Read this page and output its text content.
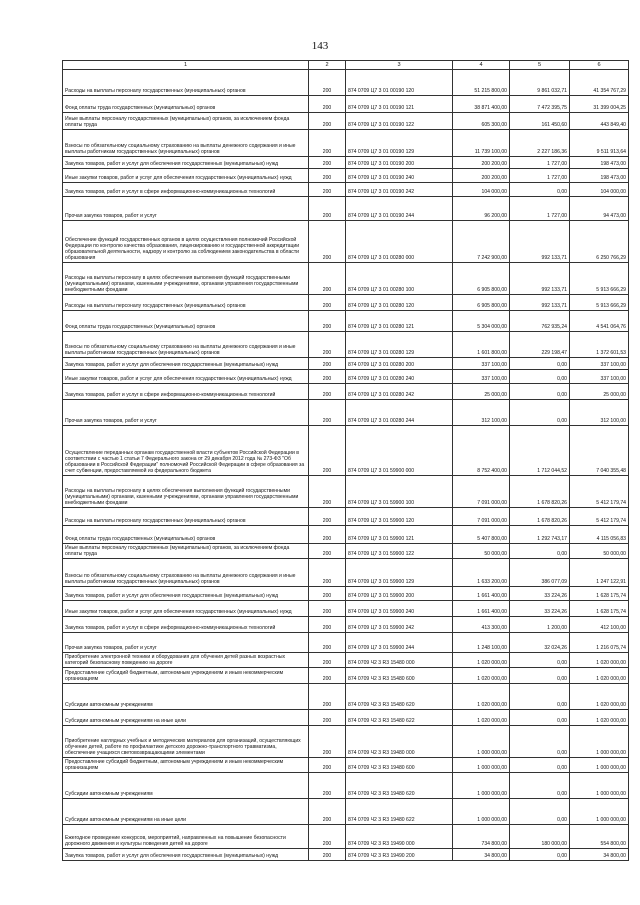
143
1	2	3	4	5	6
Расходы на выплаты персоналу государственных (муниципальных) органов	200	874 0709 Ц7 3 01 00190 120	51 215 800,00	9 861 032,71	41 354 767,29
Фонд оплаты труда государственных (муниципальных) органов	200	874 0709 Ц7 3 01 00190 121	38 871 400,00	7 472 395,75	31 399 004,25
Иные выплаты персоналу государственных (муниципальных) органов, за исключением фонда оплаты труда	200	874 0709 Ц7 3 01 00190 122	605 300,00	161 450,60	443 849,40
Взносы по обязательному социальному страхованию на выплаты денежного содержания и иные выплаты работникам государственных (муниципальных) органов	200	874 0709 Ц7 3 01 00190 129	11 739 100,00	2 227 186,36	9 511 913,64
Закупка товаров, работ и услуг для обеспечения государственных (муниципальных) нужд	200	874 0709 Ц7 3 01 00190 200	200 200,00	1 727,00	198 473,00
Иные закупки товаров, работ и услуг для обеспечения государственных (муниципальных) нужд	200	874 0709 Ц7 3 01 00190 240	200 200,00	1 727,00	198 473,00
Закупка товаров, работ и услуг в сфере информационно-коммуникационных технологий	200	874 0709 Ц7 3 01 00190 242	104 000,00	0,00	104 000,00
Прочая закупка товаров, работ и услуг	200	874 0709 Ц7 3 01 00190 244	96 200,00	1 727,00	94 473,00
Обеспечение функций государственных органов в целях осуществления полномочий Российской Федерации по контролю качества образования, лицензированию и государственной аккредитации образовательной деятельности, надзору и контролю за соблюдением законодательства в области образования	200	874 0709 Ц7 3 01 00280 000	7 242 900,00	992 133,71	6 250 766,29
Расходы на выплаты персоналу в целях обеспечения выполнения функций государственными (муниципальными) органами, казенными учреждениями, органами управления государственными внебюджетными фондами	200	874 0709 Ц7 3 01 00280 100	6 905 800,00	992 133,71	5 913 666,29
Расходы на выплаты персоналу государственных (муниципальных) органов	200	874 0709 Ц7 3 01 00280 120	6 905 800,00	992 133,71	5 913 666,29
Фонд оплаты труда государственных (муниципальных) органов	200	874 0709 Ц7 3 01 00280 121	5 304 000,00	762 935,24	4 541 064,76
Взносы по обязательному социальному страхованию на выплаты денежного содержания и иные выплаты работникам государственных (муниципальных) органов	200	874 0709 Ц7 3 01 00280 129	1 601 800,00	229 198,47	1 372 601,53
Закупка товаров, работ и услуг для обеспечения государственных (муниципальных) нужд	200	874 0709 Ц7 3 01 00280 200	337 100,00	0,00	337 100,00
Иные закупки товаров, работ и услуг для обеспечения государственных (муниципальных) нужд	200	874 0709 Ц7 3 01 00280 240	337 100,00	0,00	337 100,00
Закупка товаров, работ и услуг в сфере информационно-коммуникационных технологий	200	874 0709 Ц7 3 01 00280 242	25 000,00	0,00	25 000,00
Прочая закупка товаров, работ и услуг	200	874 0709 Ц7 3 01 00280 244	312 100,00	0,00	312 100,00
Осуществление переданных органам государственной власти субъектов Российской Федерации в соответствии с частью 1 статьи 7 Федерального закона от 29 декабря 2012 года № 273-ФЗ "Об образовании в Российской Федерации" полномочий Российской Федерации в сфере образования за счет субвенции, предоставляемой из федерального бюджета	200	874 0709 Ц7 3 01 59900 000	8 752 400,00	1 712 044,52	7 040 355,48
Расходы на выплаты персоналу в целях обеспечения выполнения функций государственными (муниципальными) органами, казенными учреждениями, органами управления государственными внебюджетными фондами	200	874 0709 Ц7 3 01 59900 100	7 091 000,00	1 678 820,26	5 412 179,74
Расходы на выплаты персоналу государственных (муниципальных) органов	200	874 0709 Ц7 3 01 59900 120	7 091 000,00	1 678 820,26	5 412 179,74
Фонд оплаты труда государственных (муниципальных) органов	200	874 0709 Ц7 3 01 59900 121	5 407 800,00	1 292 743,17	4 115 056,83
Иные выплаты персоналу государственных (муниципальных) органов, за исключением фонда оплаты труда	200	874 0709 Ц7 3 01 59900 122	50 000,00	0,00	50 000,00
Взносы по обязательному социальному страхованию на выплаты денежного содержания и иные выплаты работникам государственных (муниципальных) органов	200	874 0709 Ц7 3 01 59900 129	1 633 200,00	386 077,09	1 247 122,91
Закупка товаров, работ и услуг для обеспечения государственных (муниципальных) нужд	200	874 0709 Ц7 3 01 59900 200	1 661 400,00	33 224,26	1 628 175,74
Иные закупки товаров, работ и услуг для обеспечения государственных (муниципальных) нужд	200	874 0709 Ц7 3 01 59900 240	1 661 400,00	33 224,26	1 628 175,74
Закупка товаров, работ и услуг в сфере информационно-коммуникационных технологий	200	874 0709 Ц7 3 01 59900 242	413 300,00	1 200,00	412 100,00
Прочая закупка товаров, работ и услуг	200	874 0709 Ц7 3 01 59900 244	1 248 100,00	32 024,26	1 216 075,74
Приобретение электронной техники и оборудования для обучения детей разных возрастных категорий безопасному поведению на дороге	200	874 0709 Ч2 3 R3 15480 000	1 020 000,00	0,00	1 020 000,00
Предоставление субсидий бюджетным, автономным учреждениям и иным некоммерческим организациям	200	874 0709 Ч2 3 R3 15480 600	1 020 000,00	0,00	1 020 000,00
Субсидии автономным учреждениям	200	874 0709 Ч2 3 R3 15480 620	1 020 000,00	0,00	1 020 000,00
Субсидии автономным учреждениям на иные цели	200	874 0709 Ч2 3 R3 15480 622	1 020 000,00	0,00	1 020 000,00
Приобретение наглядных учебных и методических материалов для организаций, осуществляющих обучение детей, работе по профилактике детского дорожно-транспортного травматизма, обеспечение учащихся световозвращающими элементами	200	874 0709 Ч2 3 R3 19480 000	1 000 000,00	0,00	1 000 000,00
Предоставление субсидий бюджетным, автономным учреждениям и иным некоммерческим организациям	200	874 0709 Ч2 3 R3 19480 600	1 000 000,00	0,00	1 000 000,00
Субсидии автономным учреждениям	200	874 0709 Ч2 3 R3 19480 620	1 000 000,00	0,00	1 000 000,00
Субсидии автономным учреждениям на иные цели	200	874 0709 Ч2 3 R3 19480 622	1 000 000,00	0,00	1 000 000,00
Ежегодное проведение конкурсов, мероприятий, направленных на повышение безопасности дорожного движения и культуры поведения детей на дороге	200	874 0709 Ч2 3 R3 19490 000	734 800,00	180 000,00	554 800,00
Закупка товаров, работ и услуг для обеспечения государственных (муниципальных) нужд	200	874 0709 Ч2 3 R3 19490 200	34 800,00	0,00	34 800,00
